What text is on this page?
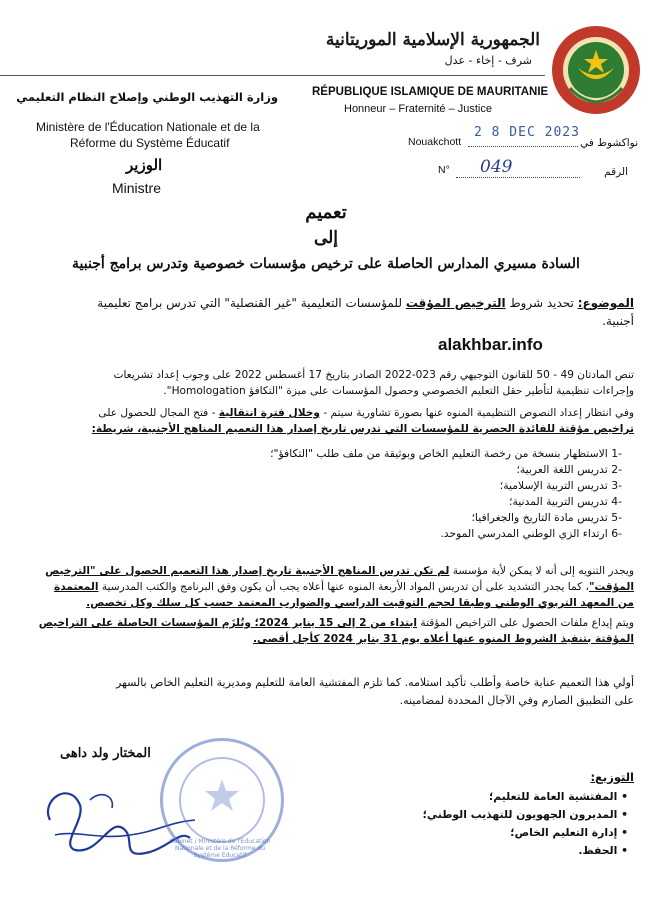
الجمهورية الإسلامية الموريتانية
شرف - إخاء - عدل
RÉPUBLIQUE ISLAMIQUE DE MAURITANIE
Honneur – Fraternité – Justice
وزارة التهذيب الوطني وإصلاح النظام التعليمي
Ministère de l'Éducation Nationale et de la
Réforme du Système Éducatif
الوزير
Ministre
Nouakchott
2 8 DEC 2023
نواكشوط في
N° 049	الرقم
تعميم
إلى
السادة مسيري المدارس الحاصلة على ترخيص مؤسسات خصوصية وتدرس برامج أجنبية
الموضوع: تحديد شروط الترخيص المؤقت للمؤسسات التعليمية "غير القنصلية" التي تدرس برامج تعليمية
أجنبية.
alakhbar.info
تنص المادتان 49 - 50 للقانون التوجيهي رقم 023-2022 الصادر بتاريخ 17 أغسطس 2022 على وجوب إعداد تشريعات
وإجراءات تنظيمية لتأطير حقل التعليم الخصوصي وحصول المؤسسات على ميزة "التكافؤ Homologation".
وفي انتظار إعداد النصوص التنظيمية المنوه عنها بصورة تشاورية سيتم - وخلال فترة انتقالية - فتح المجال للحصول على
تراخيص مؤقتة للفائدة الحصرية للمؤسسات التي تدرس تاريخ إصدار هذا التعميم المناهج الأجنبية، شريطة:
-1 الاستظهار بنسخة من رخصة التعليم الخاص وبوثيقة من ملف طلب "التكافؤ"؛
-2 تدريس اللغة العربية؛
-3 تدريس التربية الإسلامية؛
-4 تدريس التربية المدنية؛
-5 تدريس مادة التاريخ والجغرافيا؛
-6 ارتداء الزي الوطني المدرسي الموحد.
ويجدر التنويه إلى أنه لا يمكن لأية مؤسسة لم تكن تدرس المناهج الأجنبية تاريخ إصدار هذا التعميم الحصول على "الترخيص
المؤقت"، كما يجدر التشديد على أن تدريس المواد الأربعة المنوه عنها أعلاه يجب أن يكون وفق البرنامج والكتب المدرسية المعتمدة
من المعهد التربوي الوطني وطبقا لحجم التوقيت الدراسي والضوارب المعتمد حسب كل سلك وكل تخصص.
ويتم إيداع ملفات الحصول على التراخيص المؤقتة ابتداء من 2 إلى 15 يناير 2024؛ وتُلزَم المؤسسات الحاصلة على التراخيص
المؤقتة بتنفيذ الشروط المنوه عنها أعلاه يوم 31 يناير 2024 كأجل أقصى.
أولي هذا التعميم عناية خاصة وأطلب تأكيد استلامه. كما تلزم المفتشية العامة للتعليم ومديرية التعليم الخاص بالسهر
على التطبيق الصارم وفي الآجال المحددة لمضامينه.
المختار ولد داهى
Cabinet / Ministère de l'Education Nationale et de la Réforme du Système Educatif
التوزيع:
• المفتشية العامة للتعليم؛
• المديرون الجهويون للتهذيب الوطني؛
• إدارة التعليم الخاص؛
• الحفظ.
